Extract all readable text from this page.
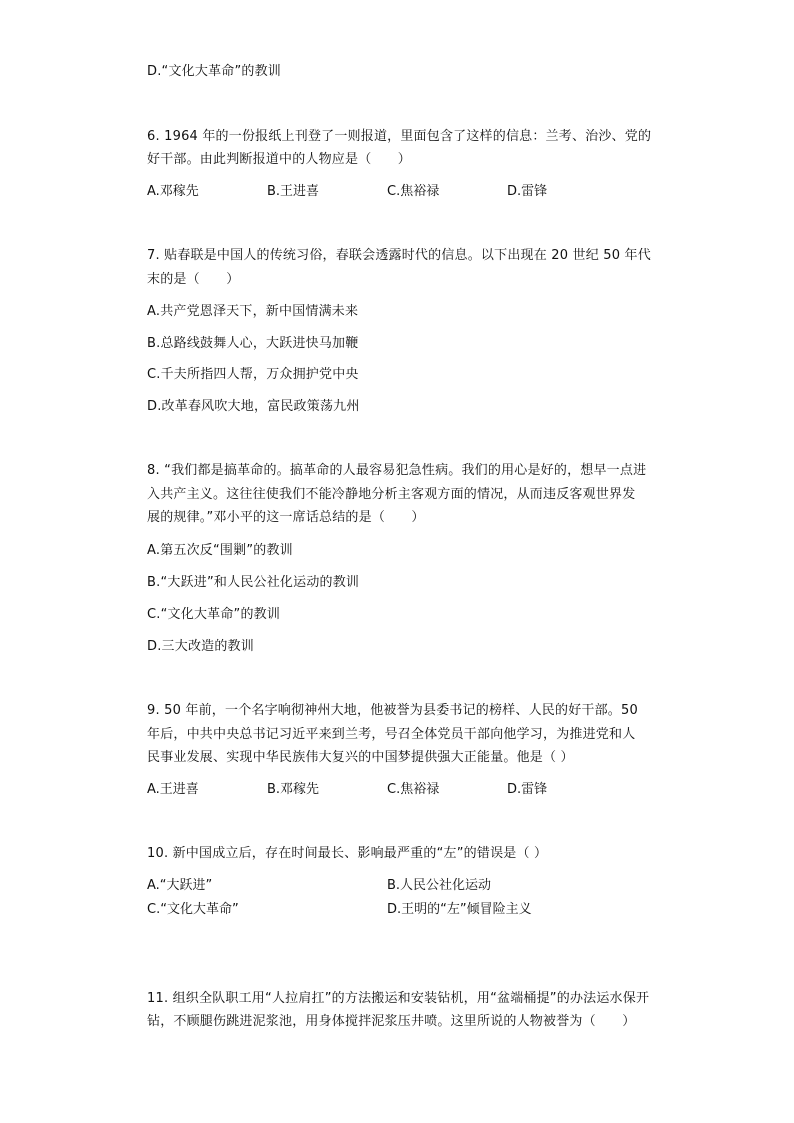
D.“文化大革命”的教训
6. 1964 年的一份报纸上刊登了一则报道，里面包含了这样的信息：兰考、治沙、党的
好干部。由此判断报道中的人物应是（　　）
A.邓稼先	B.王进喜	C.焦裕禄	D.雷锋
7. 贴春联是中国人的传统习俗，春联会透露时代的信息。以下出现在 20 世纪 50 年代
末的是（　　）
A.共产党恩泽天下，新中国情满未来
B.总路线鼓舞人心，大跃进快马加鞭
C.千夫所指四人帮，万众拥护党中央
D.改革春风吹大地，富民政策荡九州
8. “我们都是搞革命的。搞革命的人最容易犯急性病。我们的用心是好的，想早一点进
入共产主义。这往往使我们不能冷静地分析主客观方面的情况，从而违反客观世界发
展的规律。”邓小平的这一席话总结的是（　　）
A.第五次反“围剿”的教训
B.“大跃进”和人民公社化运动的教训
C.“文化大革命”的教训
D.三大改造的教训
9. 50 年前，一个名字响彻神州大地，他被誉为县委书记的榜样、人民的好干部。50
年后，中共中央总书记习近平来到兰考，号召全体党员干部向他学习，为推进党和人
民事业发展、实现中华民族伟大复兴的中国梦提供强大正能量。他是（ ）
A.王进喜	B.邓稼先	C.焦裕禄	D.雷锋
10. 新中国成立后，存在时间最长、影响最严重的“左”的错误是（ ）
A.“大跃进”	B.人民公社化运动
C.“文化大革命”	D.王明的“左”倾冒险主义
11. 组织全队职工用“人拉肩扛”的方法搬运和安装钻机，用“盆端桶提”的办法运水保开
钻，不顾腿伤跳进泥浆池，用身体搅拌泥浆压井喷。这里所说的人物被誉为（　　）
